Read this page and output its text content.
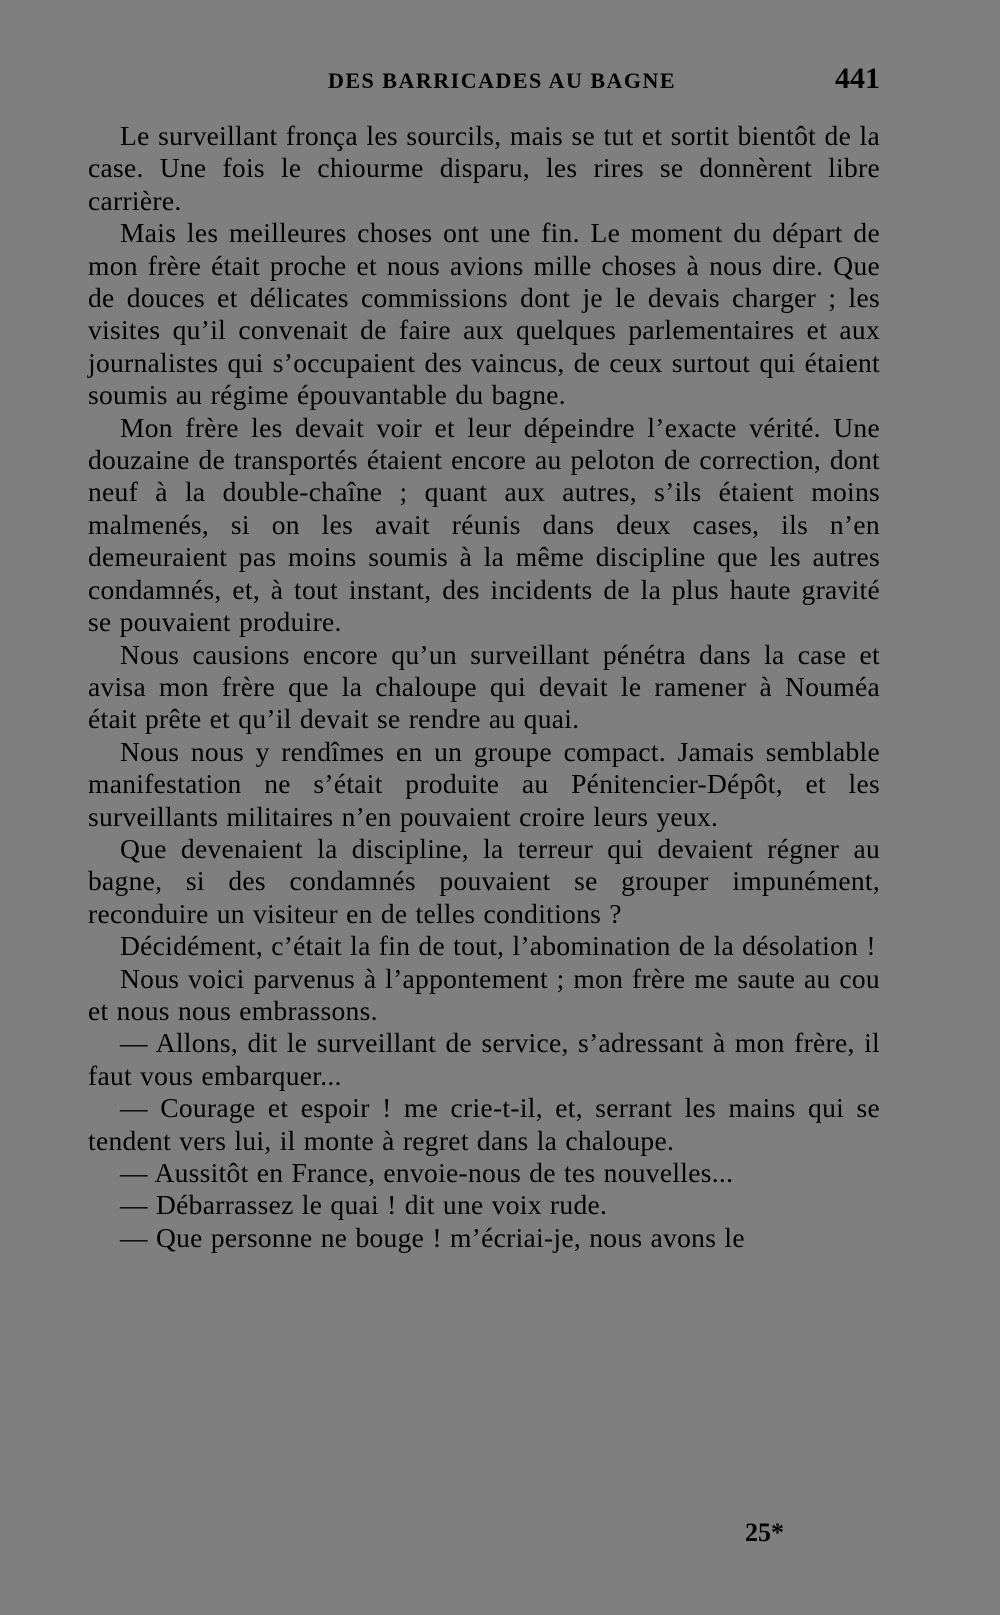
DES BARRICADES AU BAGNE	441

Le surveillant fronça les sourcils, mais se tut et sortit bientôt de la case. Une fois le chiourme disparu, les rires se donnèrent libre carrière.

Mais les meilleures choses ont une fin. Le moment du départ de mon frère était proche et nous avions mille choses à nous dire. Que de douces et délicates commissions dont je le devais charger ; les visites qu’il convenait de faire aux quelques parlementaires et aux journalistes qui s’occupaient des vaincus, de ceux surtout qui étaient soumis au régime épouvantable du bagne.

Mon frère les devait voir et leur dépeindre l’exacte vérité. Une douzaine de transportés étaient encore au peloton de correction, dont neuf à la double-chaîne ; quant aux autres, s’ils étaient moins malmenés, si on les avait réunis dans deux cases, ils n’en demeuraient pas moins soumis à la même discipline que les autres condamnés, et, à tout instant, des incidents de la plus haute gravité se pouvaient produire.

Nous causions encore qu’un surveillant pénétra dans la case et avisa mon frère que la chaloupe qui devait le ramener à Nouméa était prête et qu’il devait se rendre au quai.

Nous nous y rendîmes en un groupe compact. Jamais semblable manifestation ne s’était produite au Pénitencier-Dépôt, et les surveillants militaires n’en pouvaient croire leurs yeux.

Que devenaient la discipline, la terreur qui devaient régner au bagne, si des condamnés pouvaient se grouper impunément, reconduire un visiteur en de telles conditions ?

Décidément, c’était la fin de tout, l’abomination de la désolation !

Nous voici parvenus à l’appontement ; mon frère me saute au cou et nous nous embrassons.

— Allons, dit le surveillant de service, s’adressant à mon frère, il faut vous embarquer...

— Courage et espoir ! me crie-t-il, et, serrant les mains qui se tendent vers lui, il monte à regret dans la chaloupe.

— Aussitôt en France, envoie-nous de tes nouvelles...

— Débarrassez le quai ! dit une voix rude.

— Que personne ne bouge ! m’écriai-je, nous avons le

25*
